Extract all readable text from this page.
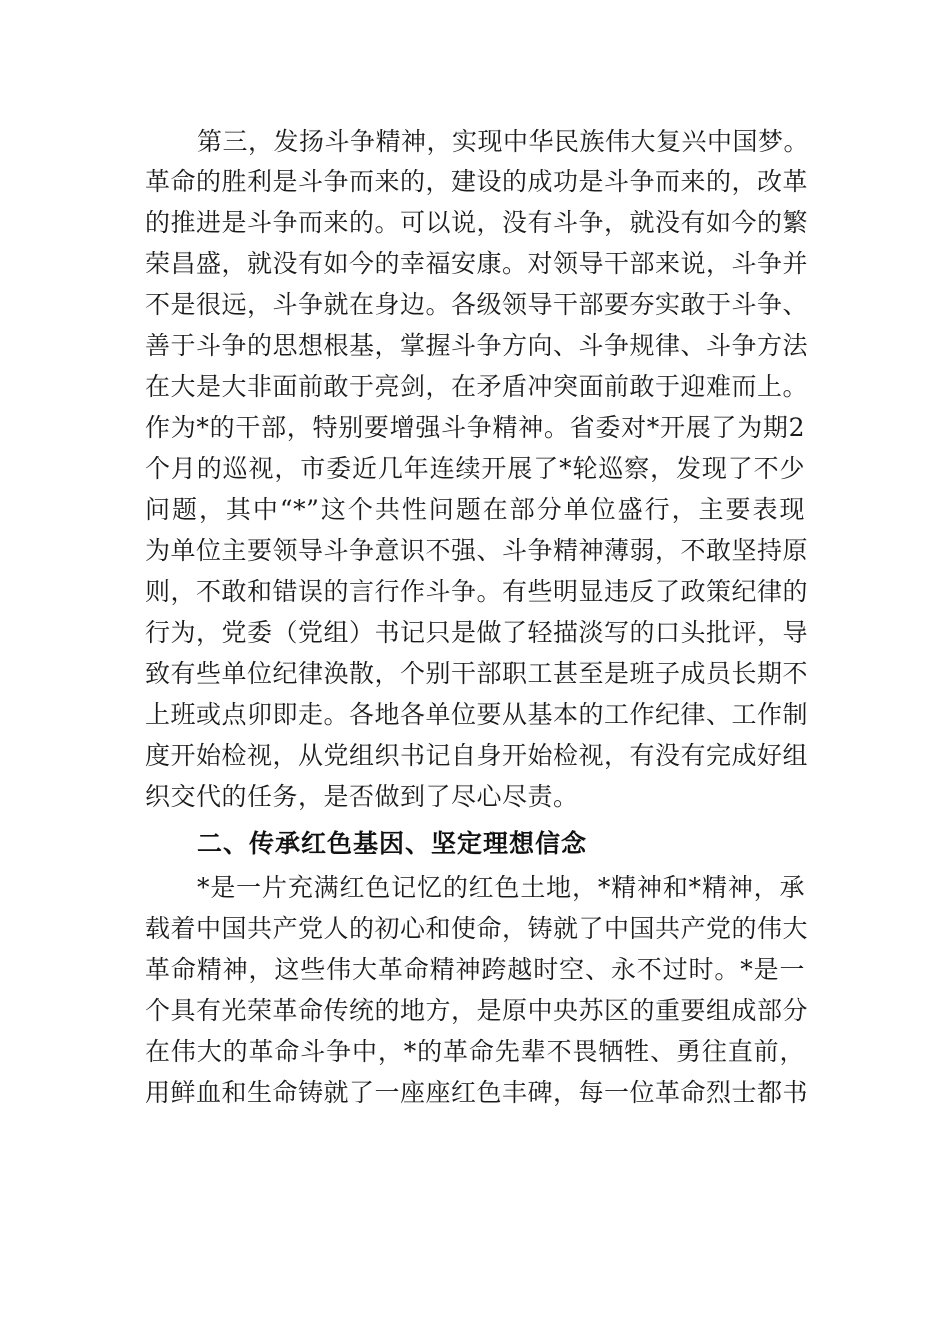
第三，发扬斗争精神，实现中华民族伟大复兴中国梦。
革命的胜利是斗争而来的，建设的成功是斗争而来的，改革
的推进是斗争而来的。可以说，没有斗争，就没有如今的繁
荣昌盛，就没有如今的幸福安康。对领导干部来说，斗争并
不是很远，斗争就在身边。各级领导干部要夯实敢于斗争、
善于斗争的思想根基，掌握斗争方向、斗争规律、斗争方法
在大是大非面前敢于亮剑，在矛盾冲突面前敢于迎难而上。
作为*的干部，特别要增强斗争精神。省委对*开展了为期2
个月的巡视，市委近几年连续开展了*轮巡察，发现了不少
问题，其中“*”这个共性问题在部分单位盛行，主要表现
为单位主要领导斗争意识不强、斗争精神薄弱，不敢坚持原
则，不敢和错误的言行作斗争。有些明显违反了政策纪律的
行为，党委（党组）书记只是做了轻描淡写的口头批评，导
致有些单位纪律涣散，个别干部职工甚至是班子成员长期不
上班或点卯即走。各地各单位要从基本的工作纪律、工作制
度开始检视，从党组织书记自身开始检视，有没有完成好组
织交代的任务，是否做到了尽心尽责。
二、传承红色基因、坚定理想信念
*是一片充满红色记忆的红色土地，*精神和*精神，承
载着中国共产党人的初心和使命，铸就了中国共产党的伟大
革命精神，这些伟大革命精神跨越时空、永不过时。*是一
个具有光荣革命传统的地方，是原中央苏区的重要组成部分
在伟大的革命斗争中，*的革命先辈不畏牺牲、勇往直前，
用鲜血和生命铸就了一座座红色丰碑，每一位革命烈士都书
